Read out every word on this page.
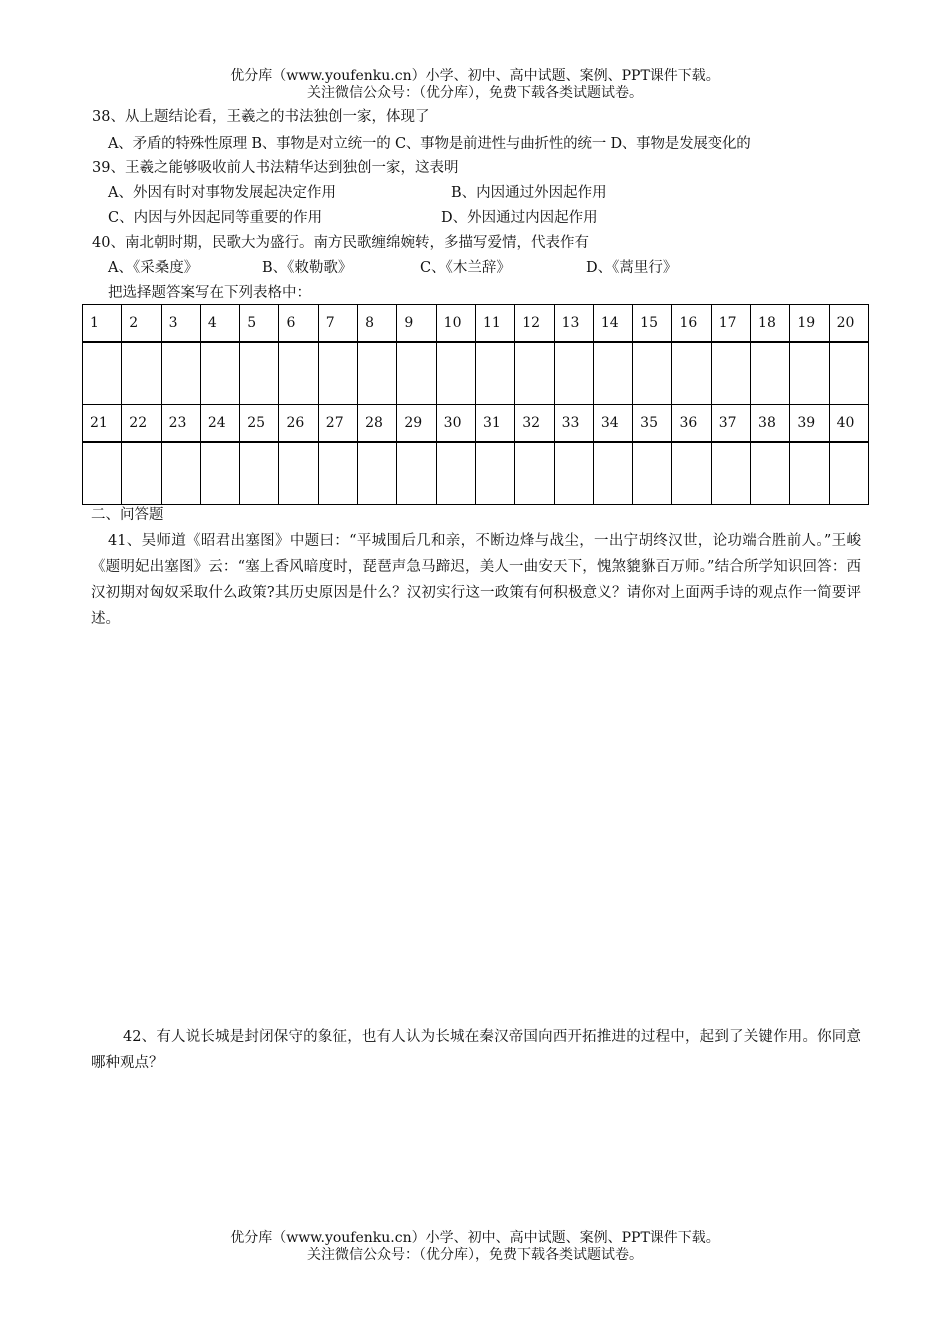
优分库（www.youfenku.cn）小学、初中、高中试题、案例、PPT课件下载。
关注微信公众号：（优分库），免费下载各类试题试卷。
38、从上题结论看，王羲之的书法独创一家，体现了
A、矛盾的特殊性原理 B、事物是对立统一的 C、事物是前进性与曲折性的统一 D、事物是发展变化的
39、王羲之能够吸收前人书法精华达到独创一家，这表明
A、外因有时对事物发展起决定作用	B、内因通过外因起作用
C、内因与外因起同等重要的作用	D、外因通过内因起作用
40、南北朝时期，民歌大为盛行。南方民歌缠绵婉转，多描写爱情，代表作有
A、《采桑度》	B、《敕勒歌》	C、《木兰辞》	D、《蒿里行》
把选择题答案写在下列表格中：
1	2	3	4	5	6	7	8	9	10	11	12	13	14	15	16	17	18	19	20

21	22	23	24	25	26	27	28	29	30	31	32	33	34	35	36	37	38	39	40

二、问答题

41、吴师道《昭君出塞图》中题曰：“平城围后几和亲，不断边烽与战尘，一出宁胡终汉世，论功端合胜前人。”王峻《题明妃出塞图》云：“塞上香风暗度时，琵琶声急马蹄迟，美人一曲安天下，愧煞貔貅百万师。”结合所学知识回答：西汉初期对匈奴采取什么政策?其历史原因是什么？汉初实行这一政策有何积极意义？请你对上面两手诗的观点作一简要评述。

42、有人说长城是封闭保守的象征，也有人认为长城在秦汉帝国向西开拓推进的过程中，起到了关键作用。你同意哪种观点？

优分库（www.youfenku.cn）小学、初中、高中试题、案例、PPT课件下载。
关注微信公众号：（优分库），免费下载各类试题试卷。
